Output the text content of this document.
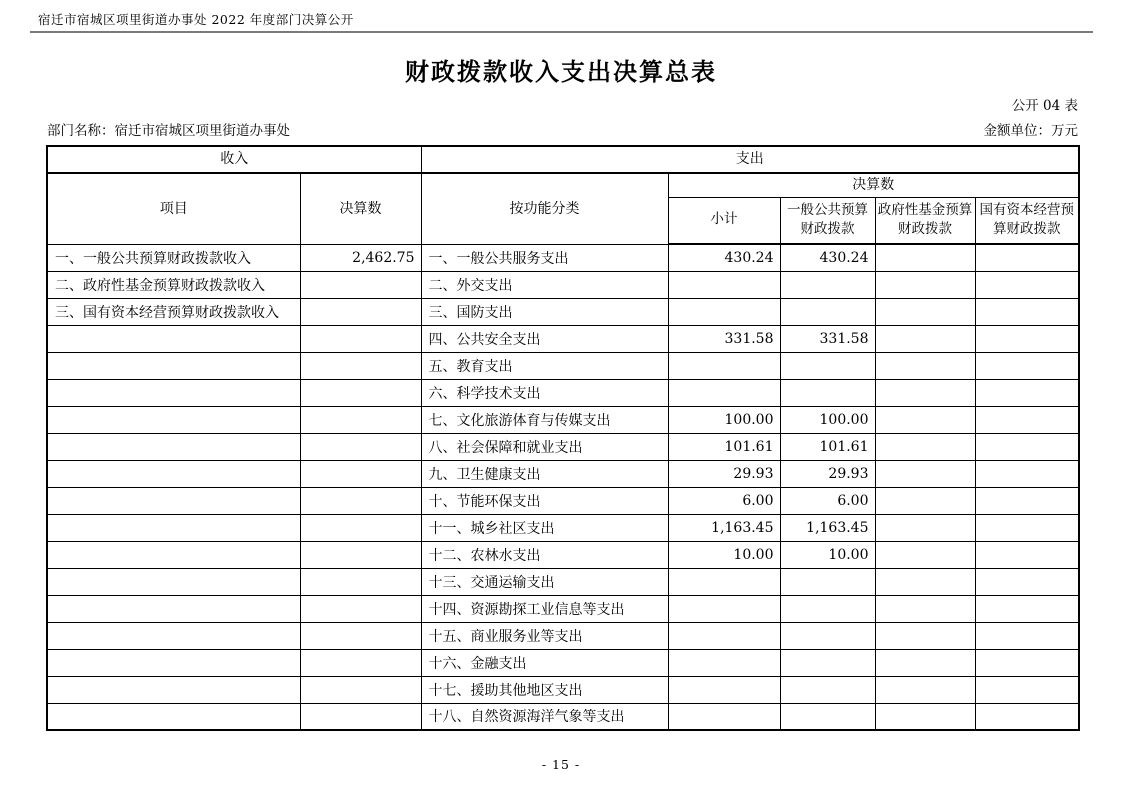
宿迁市宿城区项里街道办事处 2022 年度部门决算公开
财政拨款收入支出决算总表
公开 04 表
部门名称：宿迁市宿城区项里街道办事处	金额单位：万元
收入		支出				
项目	决算数	按功能分类	决算数			
			小计	一般公共预算财政拨款	政府性基金预算财政拨款	国有资本经营预算财政拨款
一、一般公共预算财政拨款收入	2,462.75	一、一般公共服务支出	430.24	430.24		
二、政府性基金预算财政拨款收入		二、外交支出				
三、国有资本经营预算财政拨款收入		三、国防支出				
		四、公共安全支出	331.58	331.58		
		五、教育支出				
		六、科学技术支出				
		七、文化旅游体育与传媒支出	100.00	100.00		
		八、社会保障和就业支出	101.61	101.61		
		九、卫生健康支出	29.93	29.93		
		十、节能环保支出	6.00	6.00		
		十一、城乡社区支出	1,163.45	1,163.45		
		十二、农林水支出	10.00	10.00		
		十三、交通运输支出				
		十四、资源勘探工业信息等支出				
		十五、商业服务业等支出				
		十六、金融支出				
		十七、援助其他地区支出				
		十八、自然资源海洋气象等支出				
- 15 -
